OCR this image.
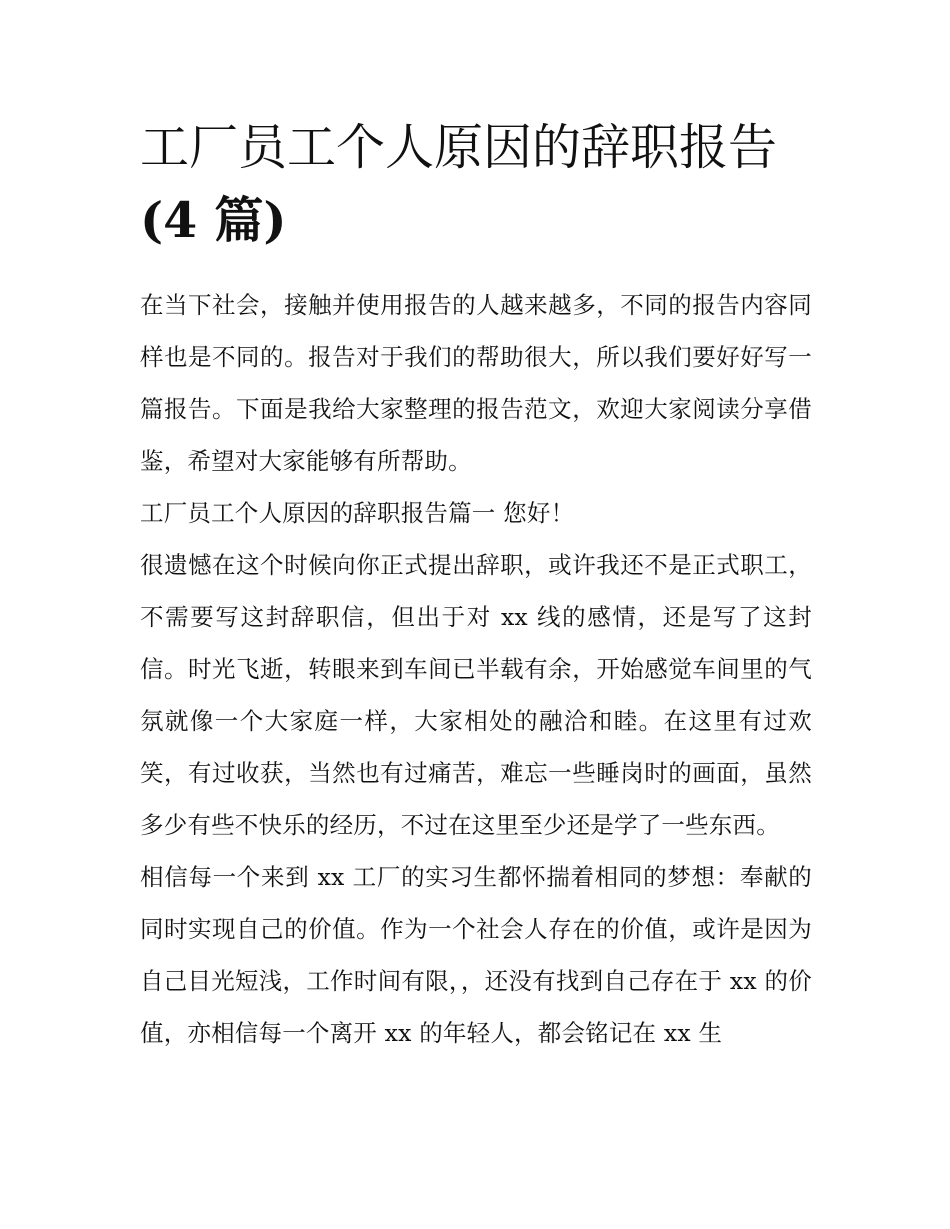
工厂员工个人原因的辞职报告
(4 篇)

在当下社会，接触并使用报告的人越来越多，不同的报告内容同样也是不同的。报告对于我们的帮助很大，所以我们要好好写一篇报告。下面是我给大家整理的报告范文，欢迎大家阅读分享借鉴，希望对大家能够有所帮助。

工厂员工个人原因的辞职报告篇一 您好！

很遗憾在这个时候向你正式提出辞职，或许我还不是正式职工，不需要写这封辞职信，但出于对 xx 线的感情，还是写了这封信。时光飞逝，转眼来到车间已半载有余，开始感觉车间里的气氛就像一个大家庭一样，大家相处的融洽和睦。在这里有过欢笑，有过收获，当然也有过痛苦，难忘一些睡岗时的画面，虽然多少有些不快乐的经历，不过在这里至少还是学了一些东西。

相信每一个来到 xx 工厂的实习生都怀揣着相同的梦想：奉献的同时实现自己的价值。作为一个社会人存在的价值，或许是因为自己目光短浅，工作时间有限，，还没有找到自己存在于 xx 的价值，亦相信每一个离开 xx 的年轻人，都会铭记在 xx 生
